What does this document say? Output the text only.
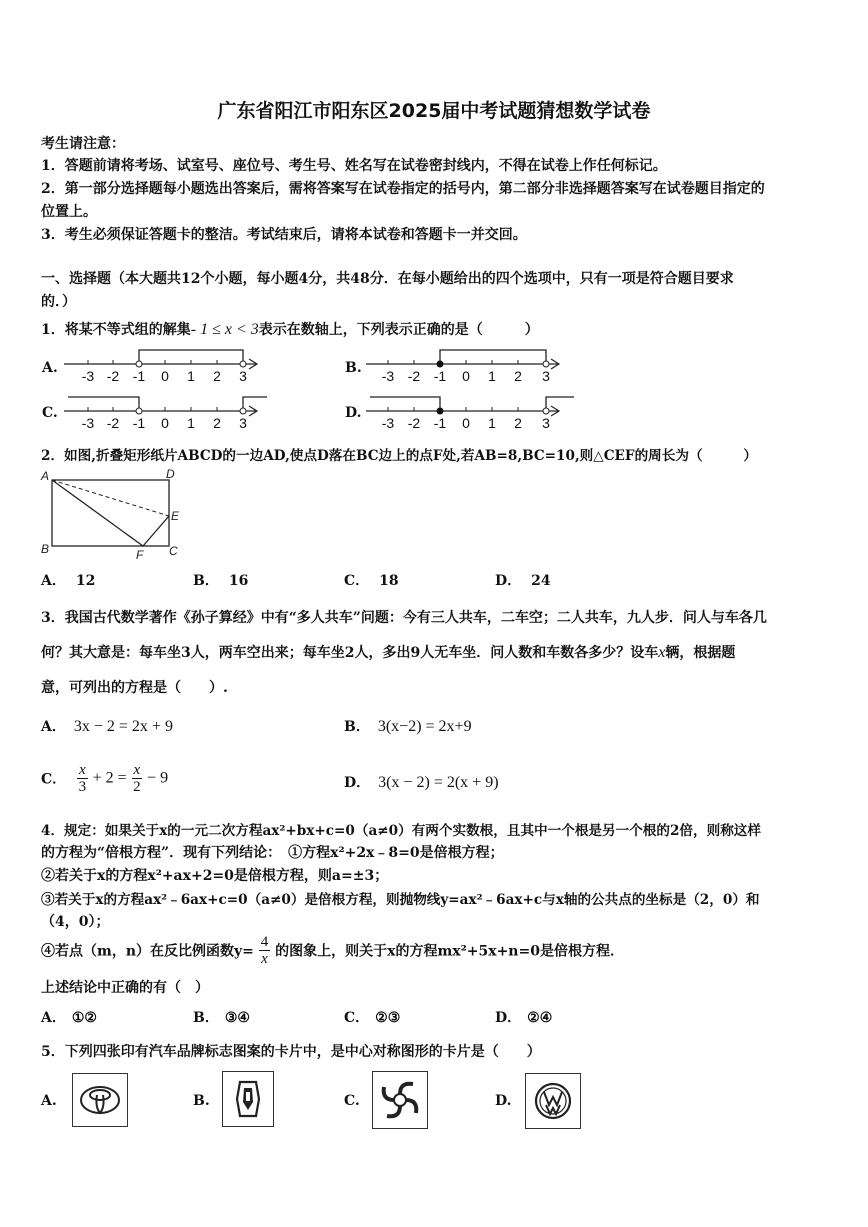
广东省阳江市阳东区2025届中考试题猜想数学试卷
考生请注意：
1．答题前请将考场、试室号、座位号、考生号、姓名写在试卷密封线内，不得在试卷上作任何标记。
2．第一部分选择题每小题选出答案后，需将答案写在试卷指定的括号内，第二部分非选择题答案写在试卷题目指定的
位置上。
3．考生必须保证答题卡的整洁。考试结束后，请将本试卷和答题卡一并交回。
一、选择题（本大题共12个小题，每小题4分，共48分．在每小题给出的四个选项中，只有一项是符合题目要求
的．）
1．将某不等式组的解集- 1 ≤ x < 3表示在数轴上，下列表示正确的是（　　　）
A.	B.
C.	D.
-3 -2 -1 0 1 2 3	-3 -2 -1 0 1 2 3
-3 -2 -1 0 1 2 3	-3 -2 -1 0 1 2 3
2．如图,折叠矩形纸片ABCD的一边AD,使点D落在BC边上的点F处,若AB=8,BC=10,则△CEF的周长为（　　　）
A	D
E
B	F C
A． 12	B． 16	C． 18	D． 24
3．我国古代数学著作《孙子算经》中有“多人共车”问题：今有三人共车，二车空；二人共车，九人步．问人与车各几
何？其大意是：每车坐3人，两车空出来；每车坐2人，多出9人无车坐．问人数和车数各多少？设车x辆，根据题
意，可列出的方程是（　　）.
A． 3x − 2 = 2x + 9	B． 3(x−2) = 2x+9
C． $\frac{x}{3} + 2 = \frac{x}{2} - 9$	D． 3(x − 2) = 2(x + 9)
4．规定：如果关于x的一元二次方程ax²+bx+c=0（a≠0）有两个实数根，且其中一个根是另一个根的2倍，则称这样
的方程为“倍根方程”．现有下列结论：　①方程x²+2x﹣8=0是倍根方程；
②若关于x的方程x²+ax+2=0是倍根方程，则a=±3；
③若关于x的方程ax²﹣6ax+c=0（a≠0）是倍根方程，则抛物线y=ax²﹣6ax+c与x轴的公共点的坐标是（2，0）和
（4，0）；
④若点（m，n）在反比例函数$y= \frac{4}{x}$ 的图象上，则关于x的方程mx²+5x+n=0是倍根方程．
上述结论中正确的有（　）
A． ①②	B． ③④	C． ②③	D． ②④
5．下列四张印有汽车品牌标志图案的卡片中，是中心对称图形的卡片是（　　）
A.	B.	C.	D.
